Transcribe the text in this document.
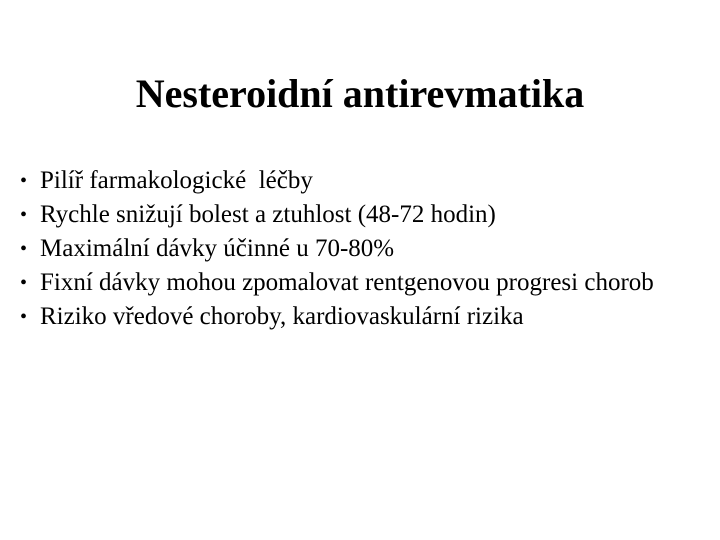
Nesteroidní antirevmatika
• Pilíř farmakologické  léčby
• Rychle snižují bolest a ztuhlost (48-72 hodin)
• Maximální dávky účinné u 70-80%
• Fixní dávky mohou zpomalovat rentgenovou progresi chorob
• Riziko vředové choroby, kardiovaskulární rizika
